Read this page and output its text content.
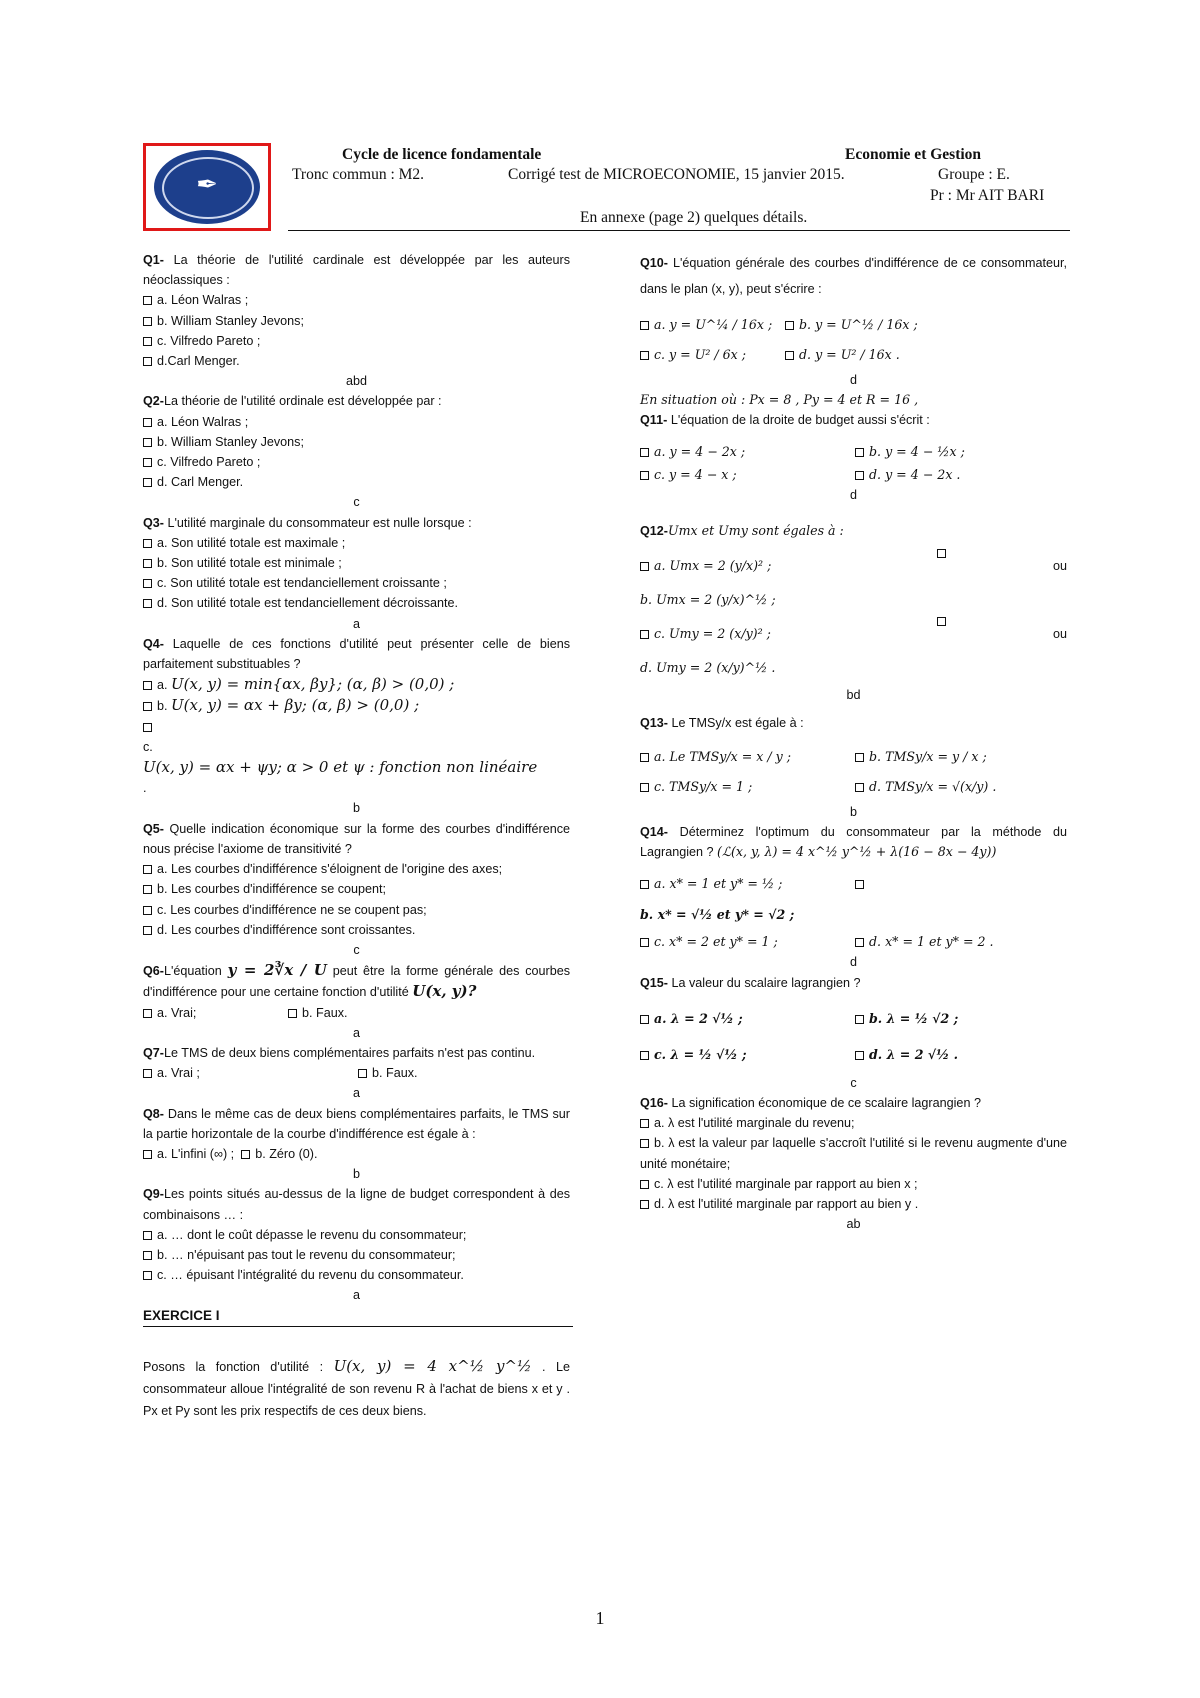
✒
Cycle de licence fondamentale	Economie et Gestion
Tronc commun : M2.	Corrigé test de MICROECONOMIE, 15 janvier 2015.	Groupe : E.
Pr : Mr AIT BARI
En annexe (page 2) quelques détails.

Q1- La théorie de l'utilité cardinale est développée par les auteurs néoclassiques :

a. Léon Walras ;

b. William Stanley Jevons;

c. Vilfredo Pareto ;

d.Carl Menger.

abd

Q2-La théorie de l'utilité ordinale est développée par :

a. Léon Walras ;

b. William Stanley Jevons;

c. Vilfredo Pareto ;

d. Carl Menger.

c

Q3- L'utilité marginale du consommateur est nulle lorsque :

a. Son utilité totale est maximale ;

b. Son utilité totale est minimale ;

c. Son utilité totale est tendanciellement croissante ;

d. Son utilité totale est tendanciellement décroissante.

a

Q4- Laquelle de ces fonctions d'utilité peut présenter celle de biens parfaitement substituables ?

a. U(x, y) = min{αx, βy}; (α, β) > (0,0) ;

b. U(x, y) = αx + βy; (α, β) > (0,0) ;

c.

U(x, y) = αx + ψy; α > 0 et ψ : fonction non linéaire

.

b

Q5- Quelle indication économique sur la forme des courbes d'indifférence nous précise l'axiome de transitivité ?

a. Les courbes d'indifférence s'éloignent de l'origine des axes;

b. Les courbes d'indifférence se coupent;

c. Les courbes d'indifférence ne se coupent pas;

d. Les courbes d'indifférence sont croissantes.

c

Q6-L'équation y = 2∛x / U peut être la forme générale des courbes d'indifférence pour une certaine fonction d'utilité U(x, y)?

a. Vrai;	b. Faux.

a

Q7-Le TMS de deux biens complémentaires parfaits n'est pas continu.

a. Vrai ;	b. Faux.

a

Q8- Dans le même cas de deux biens complémentaires parfaits, le TMS sur la partie horizontale de la courbe d'indifférence est égale à :

a. L'infini (∞) ; b. Zéro (0).

b

Q9-Les points situés au-dessus de la ligne de budget correspondent à des combinaisons … :

a. … dont le coût dépasse le revenu du consommateur;

b. … n'épuisant pas tout le revenu du consommateur;

c. … épuisant l'intégralité du revenu du consommateur.

a

EXERCICE I

Posons la fonction d'utilité : U(x, y) = 4 x^½ y^½ . Le consommateur alloue l'intégralité de son revenu R à l'achat de biens x et y . Px et Py sont les prix respectifs de ces deux biens.

Q10- L'équation générale des courbes d'indifférence de ce consommateur, dans le plan (x, y), peut s'écrire :

a. y = U^¼ / 16x ;	b. y = U^½ / 16x ;

c. y = U² / 6x ;	d. y = U² / 16x .

d

En situation où : Px = 8 , Py = 4 et R = 16 ,

Q11- L'équation de la droite de budget aussi s'écrit :

a. y = 4 − 2x ;	b. y = 4 − ½x ;

c. y = 4 − x ;	d. y = 4 − 2x .

d

Q12-Umx et Umy sont égales à :

a. Umx = 2 (y/x)² ;	ou

b. Umx = 2 (y/x)^½ ;

c. Umy = 2 (x/y)² ;	ou

d. Umy = 2 (x/y)^½ .

bd

Q13- Le TMSy/x est égale à :

a. Le TMSy/x = x / y ;	b. TMSy/x = y / x ;

c. TMSy/x = 1 ;	d. TMSy/x = √(x/y) .

b

Q14- Déterminez l'optimum du consommateur par la méthode du Lagrangien ? (ℒ(x, y, λ) = 4 x^½ y^½ + λ(16 − 8x − 4y))

a. x* = 1 et y* = ½ ;

b. x* = √½ et y* = √2 ;

c. x* = 2 et y* = 1 ;	d. x* = 1 et y* = 2 .

d

Q15- La valeur du scalaire lagrangien ?

a. λ = 2 √½ ;	b. λ = ½ √2 ;

c. λ = ½ √½ ;	d. λ = 2 √½ .

c

Q16- La signification économique de ce scalaire lagrangien ?

a. λ est l'utilité marginale du revenu;

b. λ est la valeur par laquelle s'accroît l'utilité si le revenu augmente d'une unité monétaire;

c. λ est l'utilité marginale par rapport au bien x ;

d. λ est l'utilité marginale par rapport au bien y .

ab

1
